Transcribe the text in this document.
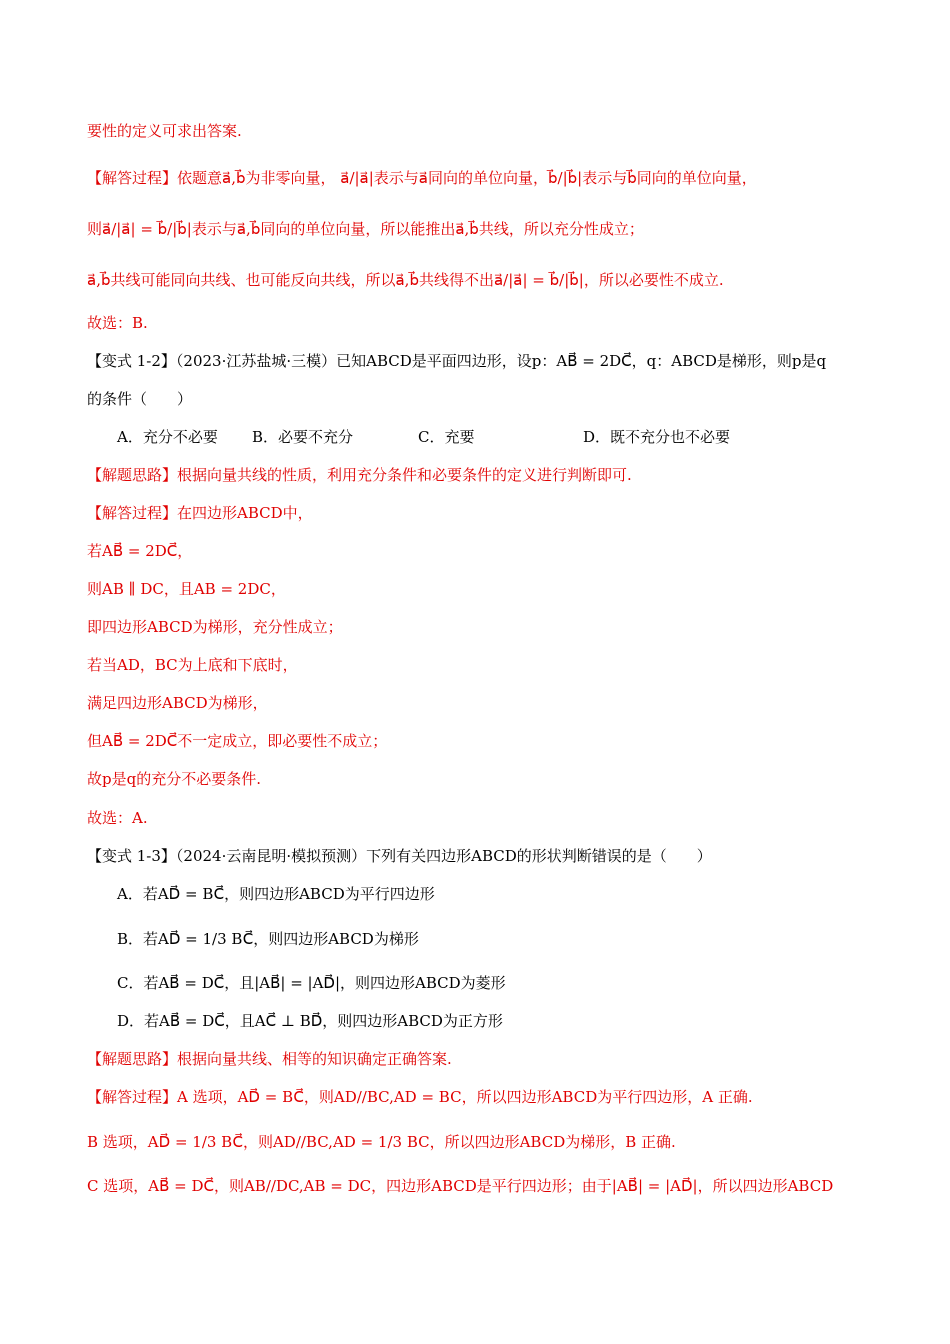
要性的定义可求出答案.
【解答过程】依题意a⃗,b⃗为非零向量， a⃗/|a⃗|表示与a⃗同向的单位向量，b⃗/|b⃗|表示与b⃗同向的单位向量，
则a⃗/|a⃗| = b⃗/|b⃗|表示与a⃗,b⃗同向的单位向量，所以能推出a⃗,b⃗共线，所以充分性成立；
a⃗,b⃗共线可能同向共线、也可能反向共线，所以a⃗,b⃗共线得不出a⃗/|a⃗| = b⃗/|b⃗|，所以必要性不成立.
故选：B.
【变式 1-2】（2023·江苏盐城·三模）已知ABCD是平面四边形，设p：AB⃗ = 2DC⃗，q：ABCD是梯形，则p是q
的条件（　　）
A．充分不必要 B．必要不充分	C．充要	D．既不充分也不必要
【解题思路】根据向量共线的性质，利用充分条件和必要条件的定义进行判断即可.
【解答过程】在四边形ABCD中，
若AB⃗ = 2DC⃗，
则AB ∥ DC，且AB = 2DC，
即四边形ABCD为梯形，充分性成立；
若当AD，BC为上底和下底时，
满足四边形ABCD为梯形，
但AB⃗ = 2DC⃗不一定成立，即必要性不成立；
故p是q的充分不必要条件.
故选：A.
【变式 1-3】（2024·云南昆明·模拟预测）下列有关四边形ABCD的形状判断错误的是（　　）
A．若AD⃗ = BC⃗，则四边形ABCD为平行四边形
B．若AD⃗ = 1/3 BC⃗，则四边形ABCD为梯形
C．若AB⃗ = DC⃗，且|AB⃗| = |AD⃗|，则四边形ABCD为菱形
D．若AB⃗ = DC⃗，且AC⃗ ⊥ BD⃗，则四边形ABCD为正方形
【解题思路】根据向量共线、相等的知识确定正确答案.
【解答过程】A 选项，AD⃗ = BC⃗，则AD//BC,AD = BC，所以四边形ABCD为平行四边形，A 正确.
B 选项，AD⃗ = 1/3 BC⃗，则AD//BC,AD = 1/3 BC，所以四边形ABCD为梯形，B 正确.
C 选项，AB⃗ = DC⃗，则AB//DC,AB = DC，四边形ABCD是平行四边形；由于|AB⃗| = |AD⃗|，所以四边形ABCD
